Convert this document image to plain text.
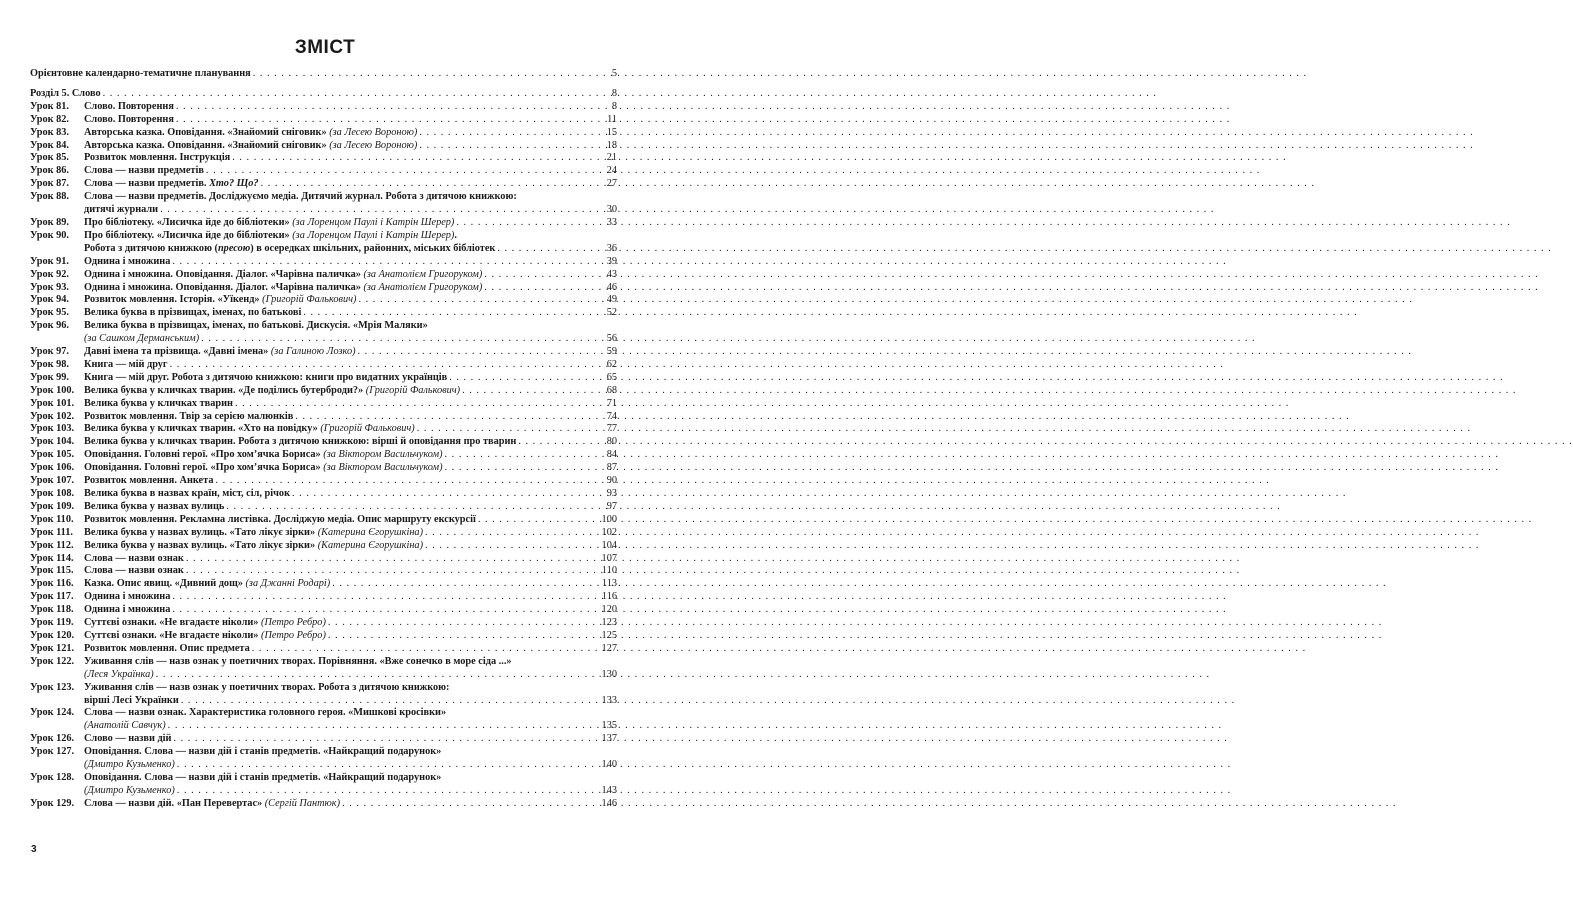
ЗМІСТ
Орієнтовне календарно-тематичне планування . . .	5
Розділ 5. Слово . . .	8
Урок 81.	Слово. Повторення . . .	8
Урок 82.	Слово. Повторення . . .	11
Урок 83.	Авторська казка. Оповідання. «Знайомий сніговик» (за Лесею Вороною) . . .	15
Урок 84.	Авторська казка. Оповідання. «Знайомий сніговик» (за Лесею Вороною) . . .	18
Урок 85.	Розвиток мовлення. Інструкція . . .	21
Урок 86.	Слова — назви предметів . . .	24
Урок 87.	Слова — назви предметів. Хто? Що? . . .	27
Урок 88.	Слова — назви предметів. Досліджуємо медіа. Дитячий журнал. Робота з дитячою книжкою:
дитячі журнали . . .	30
Урок 89.	Про бібліотеку. «Лисичка йде до бібліотеки» (за Лоренцом Паулі і Катрін Шерер) . . .	33
Урок 90.	Про бібліотеку. «Лисичка йде до бібліотеки» (за Лоренцом Паулі і Катрін Шерер).
Робота з дитячою книжкою (пресою) в осередках шкільних, районних, міських бібліотек . . .	36
Урок 91.	Однина і множина . . .	39
Урок 92.	Однина і множина. Оповідання. Діалог. «Чарівна паличка» (за Анатолієм Григоруком) . . .	43
Урок 93.	Однина і множина. Оповідання. Діалог. «Чарівна паличка» (за Анатолієм Григоруком) . . .	46
Урок 94.	Розвиток мовлення. Історія. «Уїкенд» (Григорій Фалькович) . . .	49
Урок 95.	Велика буква в прізвищах, іменах, по батькові . . .	52
Урок 96.	Велика буква в прізвищах, іменах, по батькові. Дискусія. «Мрія Маляки»
(за Сашком Дерманським) . . .	56
Урок 97.	Давні імена та прізвища. «Давні імена» (за Галиною Лозко) . . .	59
Урок 98.	Книга — мій друг . . .	62
Урок 99.	Книга — мій друг. Робота з дитячою книжкою: книги про видатних українців . . .	65
Урок 100. Велика буква у кличках тварин. «Де поділись бутерброди?» (Григорій Фалькович) . . .	68
Урок 101. Велика буква у кличках тварин . . .	71
Урок 102. Розвиток мовлення. Твір за серією малюнків . . .	74
Урок 103. Велика буква у кличках тварин. «Хто на повідку» (Григорій Фалькович) . . .	77
Урок 104. Велика буква у кличках тварин. Робота з дитячою книжкою: вірші й оповідання про тварин . . .	80
Урок 105. Оповідання. Головні герої. «Про хом’ячка Бориса» (за Віктором Васильчуком) . . .	84
Урок 106. Оповідання. Головні герої. «Про хом’ячка Бориса» (за Віктором Васильчуком) . . .	87
Урок 107. Розвиток мовлення. Анкета . . .	90
Урок 108. Велика буква в назвах країн, міст, сіл, річок . . .	93
Урок 109. Велика буква у назвах вулиць . . .	97
Урок 110.	Розвиток мовлення. Рекламна листівка. Досліджую медіа. Опис маршруту екскурсії . . .	100
Урок 111.	Велика буква у назвах вулиць. «Тато лікує зірки» (Катерина Єгорушкіна) . . .	102
Урок 112.	Велика буква у назвах вулиць. «Тато лікує зірки» (Катерина Єгорушкіна) . . .	104
Урок 114.	Слова — назви ознак . . .	107
Урок 115.	Слова — назви ознак . . .	110
Урок 116.	Казка. Опис явищ. «Дивний дощ» (за Джанні Родарі) . . .	113
Урок 117.	Однина і множина . . .	116
Урок 118.	Однина і множина . . .	120
Урок 119.	Суттєві ознаки. «Не вгадаєте ніколи» (Петро Ребро) . . .	123
Урок 120. Суттєві ознаки. «Не вгадаєте ніколи» (Петро Ребро) . . .	125
Урок 121. Розвиток мовлення. Опис предмета . . .	127
Урок 122. Уживання слів — назв ознак у поетичних творах. Порівняння. «Вже сонечко в море сіда ...»
(Леся Українка) . . .	130
Урок 123. Уживання слів — назв ознак у поетичних творах. Робота з дитячою книжкою:
вірші Лесі Українки . . .	133
Урок 124. Слова — назви ознак. Характеристика головного героя. «Мишкові кросівки»
(Анатолій Савчук) . . .	135
Урок 126. Слово — назви дій . . .	137
Урок 127. Оповідання. Слова — назви дій і станів предметів. «Найкращий подарунок»
(Дмитро Кузьменко) . . .	140
Урок 128. Оповідання. Слова — назви дій і станів предметів. «Найкращий подарунок»
(Дмитро Кузьменко) . . .	143
Урок 129. Слова — назви дій. «Пан Перевертас» (Сергій Пантюк) . . .	146
3
